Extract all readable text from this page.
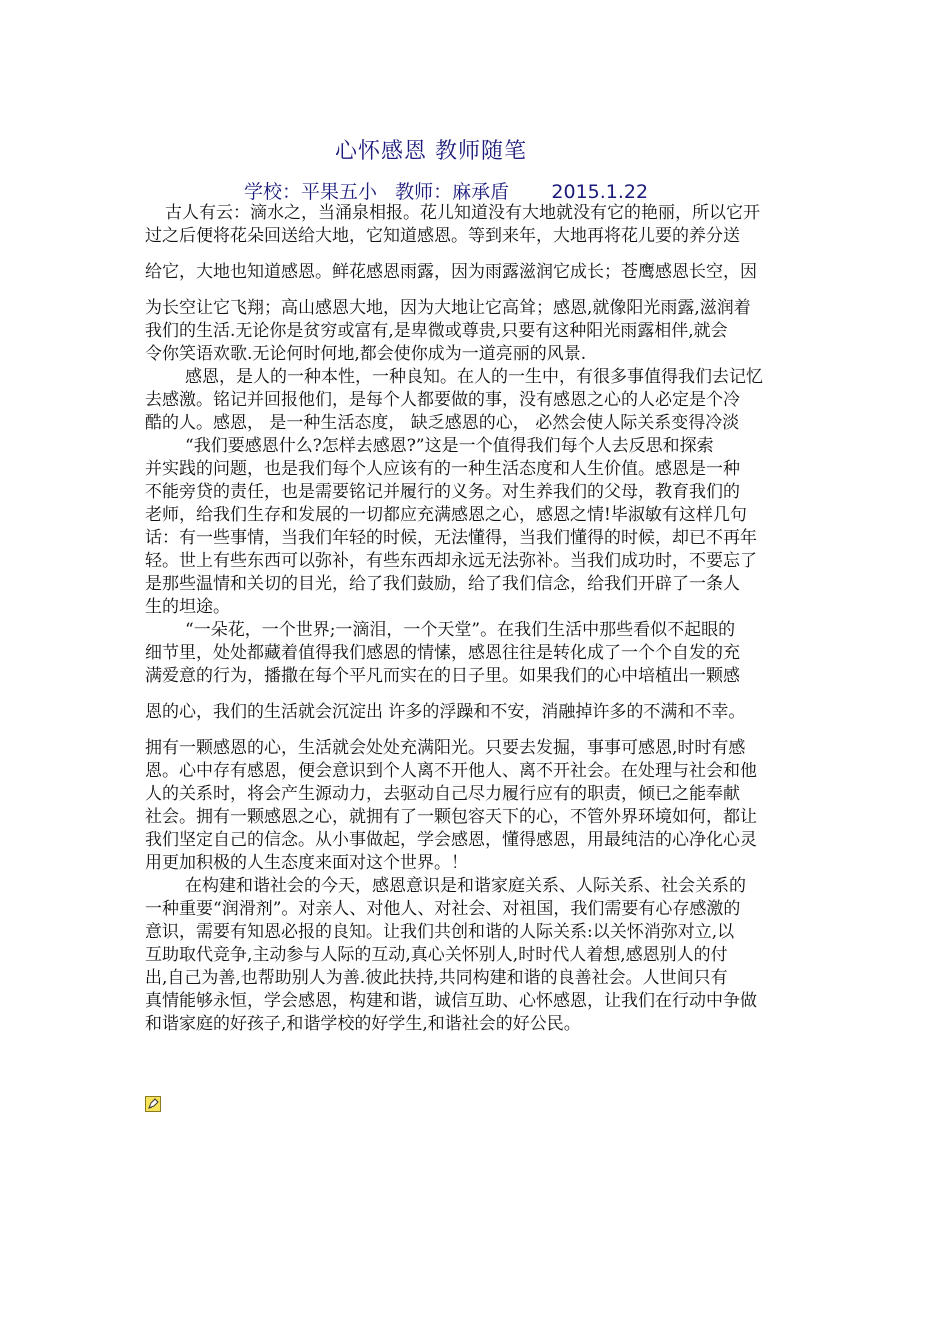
心怀感恩 教师随笔
学校：平果五小   教师：麻承盾       2015.1.22
古人有云：滴水之，当涌泉相报。花儿知道没有大地就没有它的艳丽，所以它开
过之后便将花朵回送给大地，它知道感恩。等到来年，大地再将花儿要的养分送
给它，大地也知道感恩。鲜花感恩雨露，因为雨露滋润它成长；苍鹰感恩长空，因
为长空让它飞翔；高山感恩大地，因为大地让它高耸；感恩,就像阳光雨露,滋润着
我们的生活.无论你是贫穷或富有,是卑微或尊贵,只要有这种阳光雨露相伴,就会
令你笑语欢歌.无论何时何地,都会使你成为一道亮丽的风景.
感恩，是人的一种本性，一种良知。在人的一生中，有很多事值得我们去记忆
去感激。铭记并回报他们，是每个人都要做的事，没有感恩之心的人必定是个冷
酷的人。感恩， 是一种生活态度， 缺乏感恩的心， 必然会使人际关系变得冷淡
“我们要感恩什么?怎样去感恩?”这是一个值得我们每个人去反思和探索
并实践的问题，也是我们每个人应该有的一种生活态度和人生价值。感恩是一种
不能旁贷的责任，也是需要铭记并履行的义务。对生养我们的父母，教育我们的
老师，给我们生存和发展的一切都应充满感恩之心，感恩之情!毕淑敏有这样几句
话：有一些事情，当我们年轻的时候，无法懂得，当我们懂得的时候，却已不再年
轻。世上有些东西可以弥补，有些东西却永远无法弥补。当我们成功时，不要忘了
是那些温情和关切的目光，给了我们鼓励，给了我们信念，给我们开辟了一条人
生的坦途。
“一朵花，一个世界;一滴泪，一个天堂”。在我们生活中那些看似不起眼的
细节里，处处都藏着值得我们感恩的情愫，感恩往往是转化成了一个个自发的充
满爱意的行为，播撒在每个平凡而实在的日子里。如果我们的心中培植出一颗感
恩的心，我们的生活就会沉淀出 许多的浮躁和不安，消融掉许多的不满和不幸。
拥有一颗感恩的心，生活就会处处充满阳光。只要去发掘，事事可感恩,时时有感
恩。心中存有感恩，便会意识到个人离不开他人、离不开社会。在处理与社会和他
人的关系时，将会产生源动力，去驱动自己尽力履行应有的职责，倾已之能奉献
社会。拥有一颗感恩之心，就拥有了一颗包容天下的心，不管外界环境如何，都让
我们坚定自己的信念。从小事做起，学会感恩，懂得感恩，用最纯洁的心净化心灵
用更加积极的人生态度来面对这个世界。！
在构建和谐社会的今天，感恩意识是和谐家庭关系、人际关系、社会关系的
一种重要“润滑剂”。对亲人、对他人、对社会、对祖国，我们需要有心存感激的
意识，需要有知恩必报的良知。让我们共创和谐的人际关系:以关怀消弥对立,以
互助取代竞争,主动参与人际的互动,真心关怀别人,时时代人着想,感恩别人的付
出,自己为善,也帮助别人为善.彼此扶持,共同构建和谐的良善社会。人世间只有
真情能够永恒，学会感恩，构建和谐，诚信互助、心怀感恩，让我们在行动中争做
和谐家庭的好孩子,和谐学校的好学生,和谐社会的好公民。
